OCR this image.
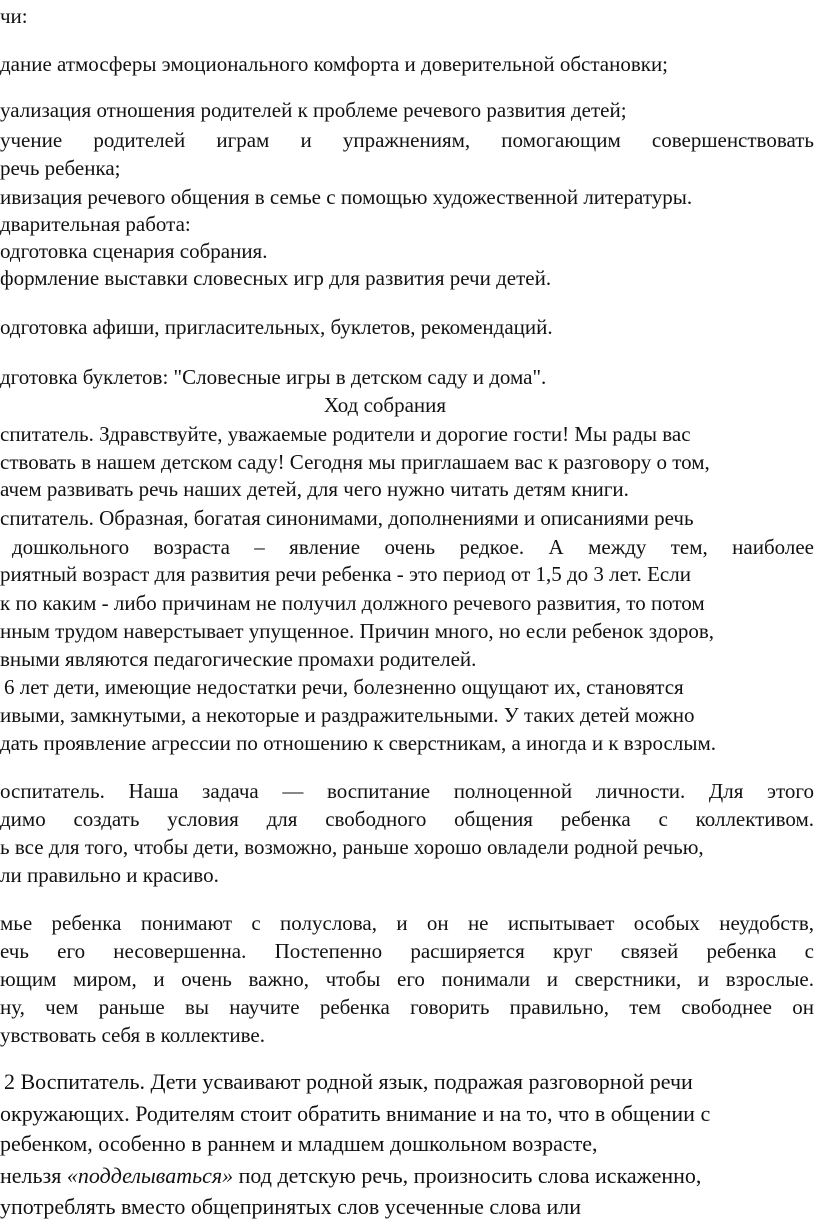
чи:
дание атмосферы эмоционального комфорта и доверительной обстановки;
уализация отношения родителей к проблеме речевого развития детей;
учение родителей играм и упражнениям, помогающим совершенствовать
речь ребенка;
ивизация речевого общения в семье с помощью художественной литературы.
дварительная работа:
одготовка сценария собрания.
формление выставки словесных игр для развития речи детей.
одготовка афиши, пригласительных, буклетов, рекомендаций.
дготовка буклетов: "Словесные игры в детском саду и дома".
Ход собрания
спитатель. Здравствуйте, уважаемые родители и дорогие гости! Мы рады вас
ствовать в нашем детском саду! Сегодня мы приглашаем вас к разговору о том,
ачем развивать речь наших детей, для чего нужно читать детям книги.
спитатель. Образная, богатая синонимами, дополнениями и описаниями речь
дошкольного возраста – явление очень редкое. А между тем, наиболее
риятный возраст для развития речи ребенка - это период от 1,5 до 3 лет. Если
к по каким - либо причинам не получил должного речевого развития, то потом
нным трудом наверстывает упущенное. Причин много, но если ребенок здоров,
вными являются педагогические промахи родителей.
6 лет дети, имеющие недостатки речи, болезненно ощущают их, становятся
ивыми, замкнутыми, а некоторые и раздражительными. У таких детей можно
дать проявление агрессии по отношению к сверстникам, а иногда и к взрослым.
оспитатель. Наша задача — воспитание полноценной личности. Для этого
димо создать условия для свободного общения ребенка с коллективом.
ь все для того, чтобы дети, возможно, раньше хорошо овладели родной речью,
ли правильно и красиво.
мье ребенка понимают с полуслова, и он не испытывает особых неудобств,
ечь его несовершенна. Постепенно расширяется круг связей ребенка с
ющим миром, и очень важно, чтобы его понимали и сверстники, и взрослые.
ну, чем раньше вы научите ребенка говорить правильно, тем свободнее он
увствовать себя в коллективе.
2 Воспитатель. Дети усваивают родной язык, подражая разговорной речи
окружающих. Родителям стоит обратить внимание и на то, что в общении с
ребенком, особенно в раннем и младшем дошкольном возрасте,
нельзя «подделываться» под детскую речь, произносить слова искаженно,
употреблять вместо общепринятых слов усеченные слова или
